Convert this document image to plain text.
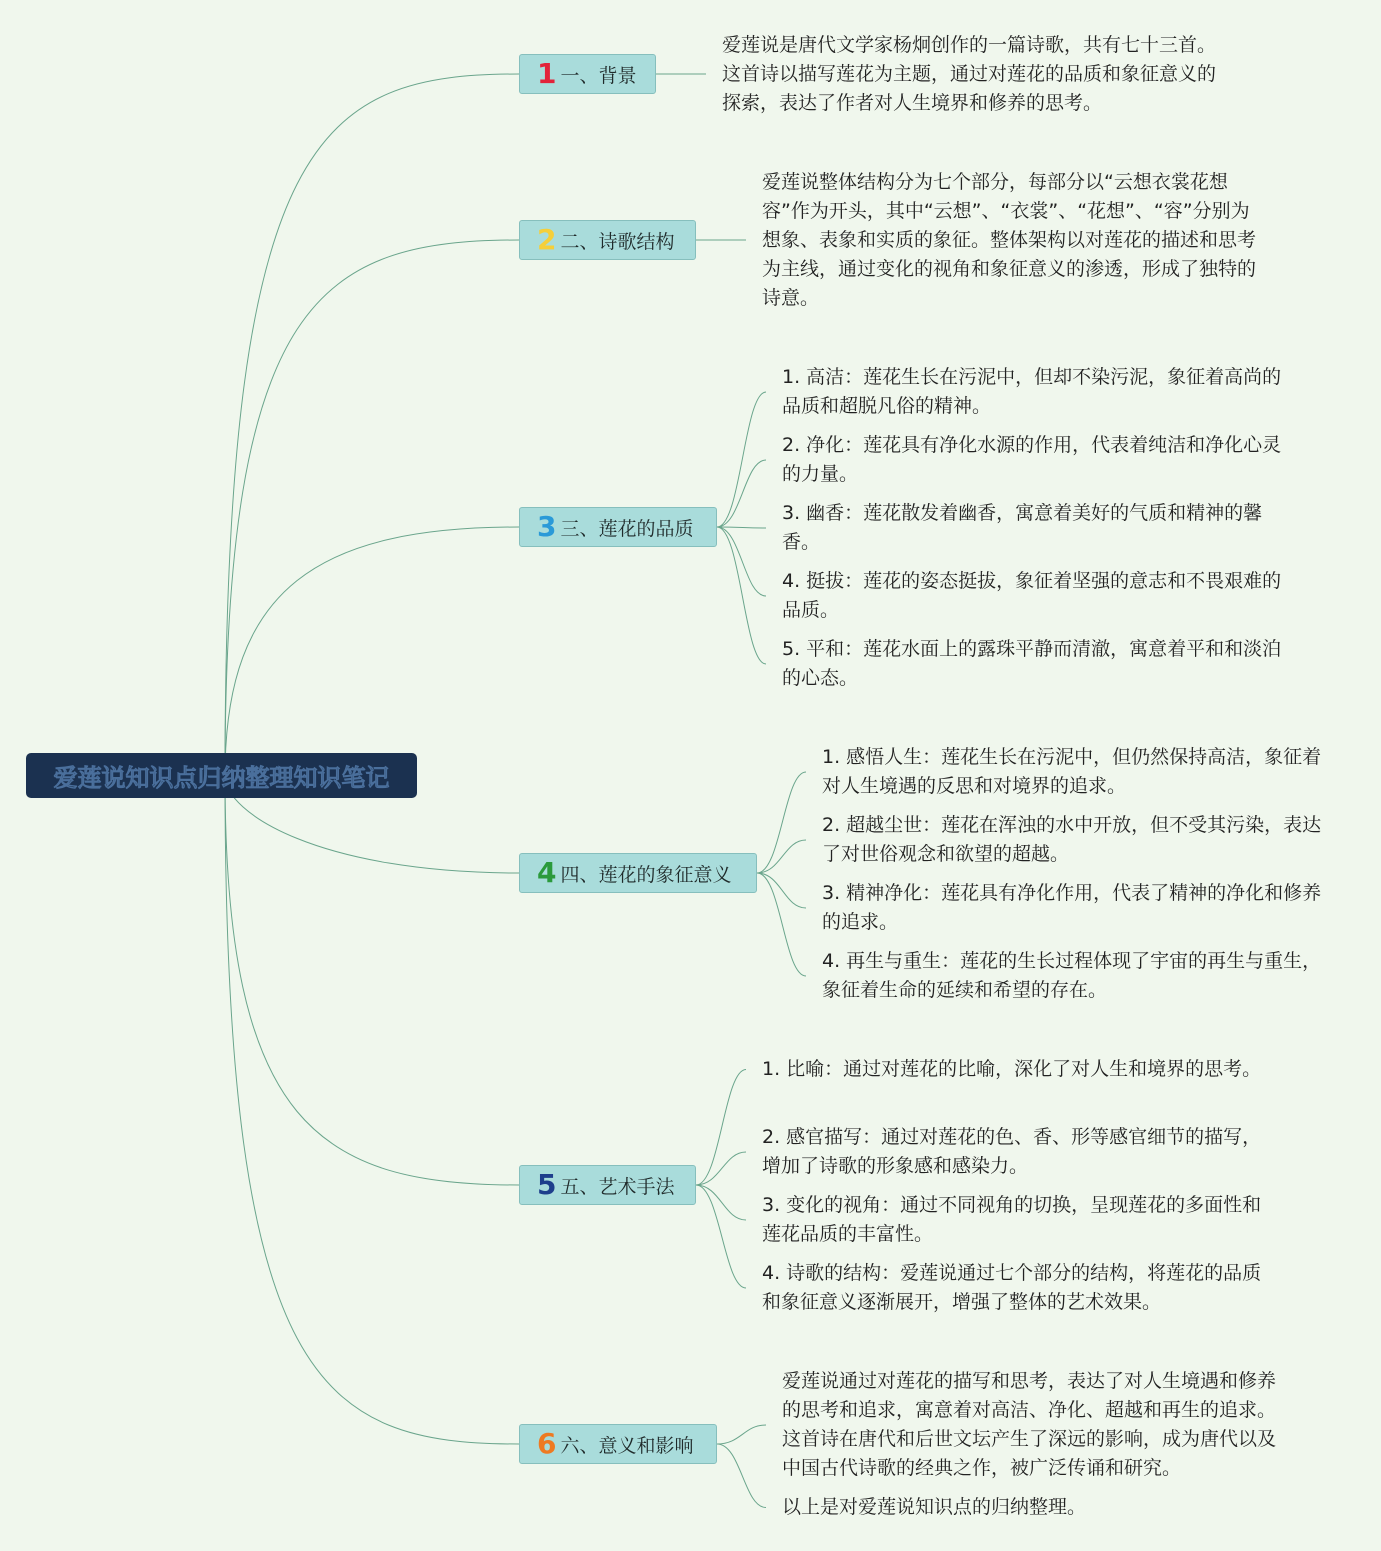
爱莲说知识点归纳整理知识笔记
1 一、背景
爱莲说是唐代文学家杨炯创作的一篇诗歌，共有七十三首。这首诗以描写莲花为主题，通过对莲花的品质和象征意义的探索，表达了作者对人生境界和修养的思考。
2 二、诗歌结构
爱莲说整体结构分为七个部分，每部分以“云想衣裳花想容”作为开头，其中“云想”、“衣裳”、“花想”、“容”分别为想象、表象和实质的象征。整体架构以对莲花的描述和思考为主线，通过变化的视角和象征意义的渗透，形成了独特的诗意。
3 三、莲花的品质
1. 高洁：莲花生长在污泥中，但却不染污泥，象征着高尚的品质和超脱凡俗的精神。
2. 净化：莲花具有净化水源的作用，代表着纯洁和净化心灵的力量。
3. 幽香：莲花散发着幽香，寓意着美好的气质和精神的馨香。
4. 挺拔：莲花的姿态挺拔，象征着坚强的意志和不畏艰难的品质。
5. 平和：莲花水面上的露珠平静而清澈，寓意着平和和淡泊的心态。
4 四、莲花的象征意义
1. 感悟人生：莲花生长在污泥中，但仍然保持高洁，象征着对人生境遇的反思和对境界的追求。
2. 超越尘世：莲花在浑浊的水中开放，但不受其污染，表达了对世俗观念和欲望的超越。
3. 精神净化：莲花具有净化作用，代表了精神的净化和修养的追求。
4. 再生与重生：莲花的生长过程体现了宇宙的再生与重生，象征着生命的延续和希望的存在。
5 五、艺术手法
1. 比喻：通过对莲花的比喻，深化了对人生和境界的思考。
2. 感官描写：通过对莲花的色、香、形等感官细节的描写，增加了诗歌的形象感和感染力。
3. 变化的视角：通过不同视角的切换，呈现莲花的多面性和莲花品质的丰富性。
4. 诗歌的结构：爱莲说通过七个部分的结构，将莲花的品质和象征意义逐渐展开，增强了整体的艺术效果。
6 六、意义和影响
爱莲说通过对莲花的描写和思考，表达了对人生境遇和修养的思考和追求，寓意着对高洁、净化、超越和再生的追求。这首诗在唐代和后世文坛产生了深远的影响，成为唐代以及中国古代诗歌的经典之作，被广泛传诵和研究。
以上是对爱莲说知识点的归纳整理。
